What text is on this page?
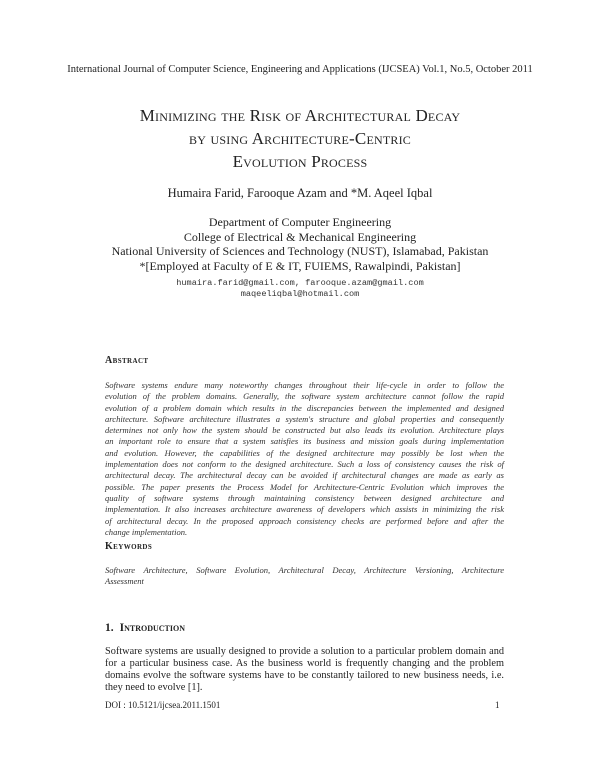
International Journal of Computer Science, Engineering and Applications (IJCSEA) Vol.1, No.5, October 2011
Minimizing the Risk of Architectural Decay
by using Architecture-Centric
Evolution Process
Humaira Farid, Farooque Azam and *M. Aqeel Iqbal
Department of Computer Engineering
College of Electrical & Mechanical Engineering
National University of Sciences and Technology (NUST), Islamabad, Pakistan
*[Employed at Faculty of E & IT, FUIEMS, Rawalpindi, Pakistan]
humaira.farid@gmail.com, farooque.azam@gmail.com
maqeeliqbal@hotmail.com
Abstract
Software systems endure many noteworthy changes throughout their life-cycle in order to follow the
evolution of the problem domains. Generally, the software system architecture cannot follow the rapid
evolution of a problem domain which results in the discrepancies between the implemented and designed
architecture. Software architecture illustrates a system's structure and global properties and consequently
determines not only how the system should be constructed but also leads its evolution. Architecture plays
an important role to ensure that a system satisfies its business and mission goals during implementation
and evolution. However, the capabilities of the designed architecture may possibly be lost when the
implementation does not conform to the designed architecture. Such a loss of consistency causes the risk of
architectural decay. The architectural decay can be avoided if architectural changes are made as early as
possible. The paper presents the Process Model for Architecture-Centric Evolution which improves the
quality of software systems through maintaining consistency between designed architecture and
implementation. It also increases architecture awareness of developers which assists in minimizing the risk
of architectural decay. In the proposed approach consistency checks are performed before and after the
change implementation.
Keywords
Software Architecture, Software Evolution, Architectural Decay, Architecture Versioning, Architecture
Assessment
1. Introduction
Software systems are usually designed to provide a solution to a particular problem domain and
for a particular business case. As the business world is frequently changing and the problem
domains evolve the software systems have to be constantly tailored to new business needs, i.e.
they need to evolve [1].
DOI : 10.5121/ijcsea.2011.1501	1
